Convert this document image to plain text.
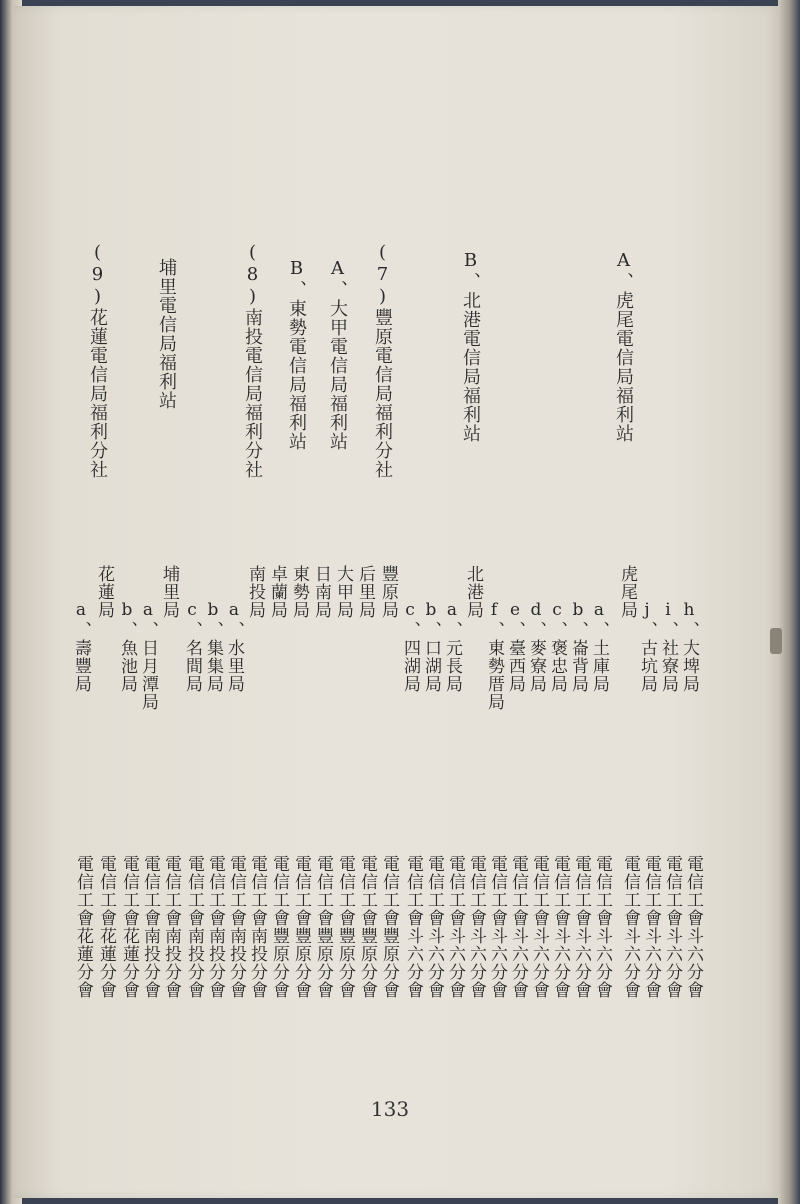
A、虎尾電信局福利站
B、北港電信局福利站
(7)豐原電信局福利分社
A、大甲電信局福利站
B、東勢電信局福利站
(8)南投電信局福利分社
埔里電信局福利站
(9)花蓮電信局福利分社
虎尾局
h、大埤局
i、社寮局
j、古坑局
a、土庫局
b、崙背局
c、褒忠局
d、麥寮局
e、臺西局
f、東勢厝局
北港局
a、元長局
b、口湖局
c、四湖局
豐原局
后里局
大甲局
日南局
東勢局
卓蘭局
南投局
a、水里局
b、集集局
c、名間局
埔里局
a、日月潭局
b、魚池局
花蓮局
a、壽豐局
電信工會斗六分會
電信工會斗六分會
電信工會斗六分會
電信工會斗六分會
電信工會斗六分會
電信工會斗六分會
電信工會斗六分會
電信工會斗六分會
電信工會斗六分會
電信工會斗六分會
電信工會斗六分會
電信工會斗六分會
電信工會斗六分會
電信工會斗六分會
電信工會豐原分會
電信工會豐原分會
電信工會豐原分會
電信工會豐原分會
電信工會豐原分會
電信工會豐原分會
電信工會南投分會
電信工會南投分會
電信工會南投分會
電信工會南投分會
電信工會南投分會
電信工會南投分會
電信工會花蓮分會
電信工會花蓮分會
電信工會花蓮分會
133
